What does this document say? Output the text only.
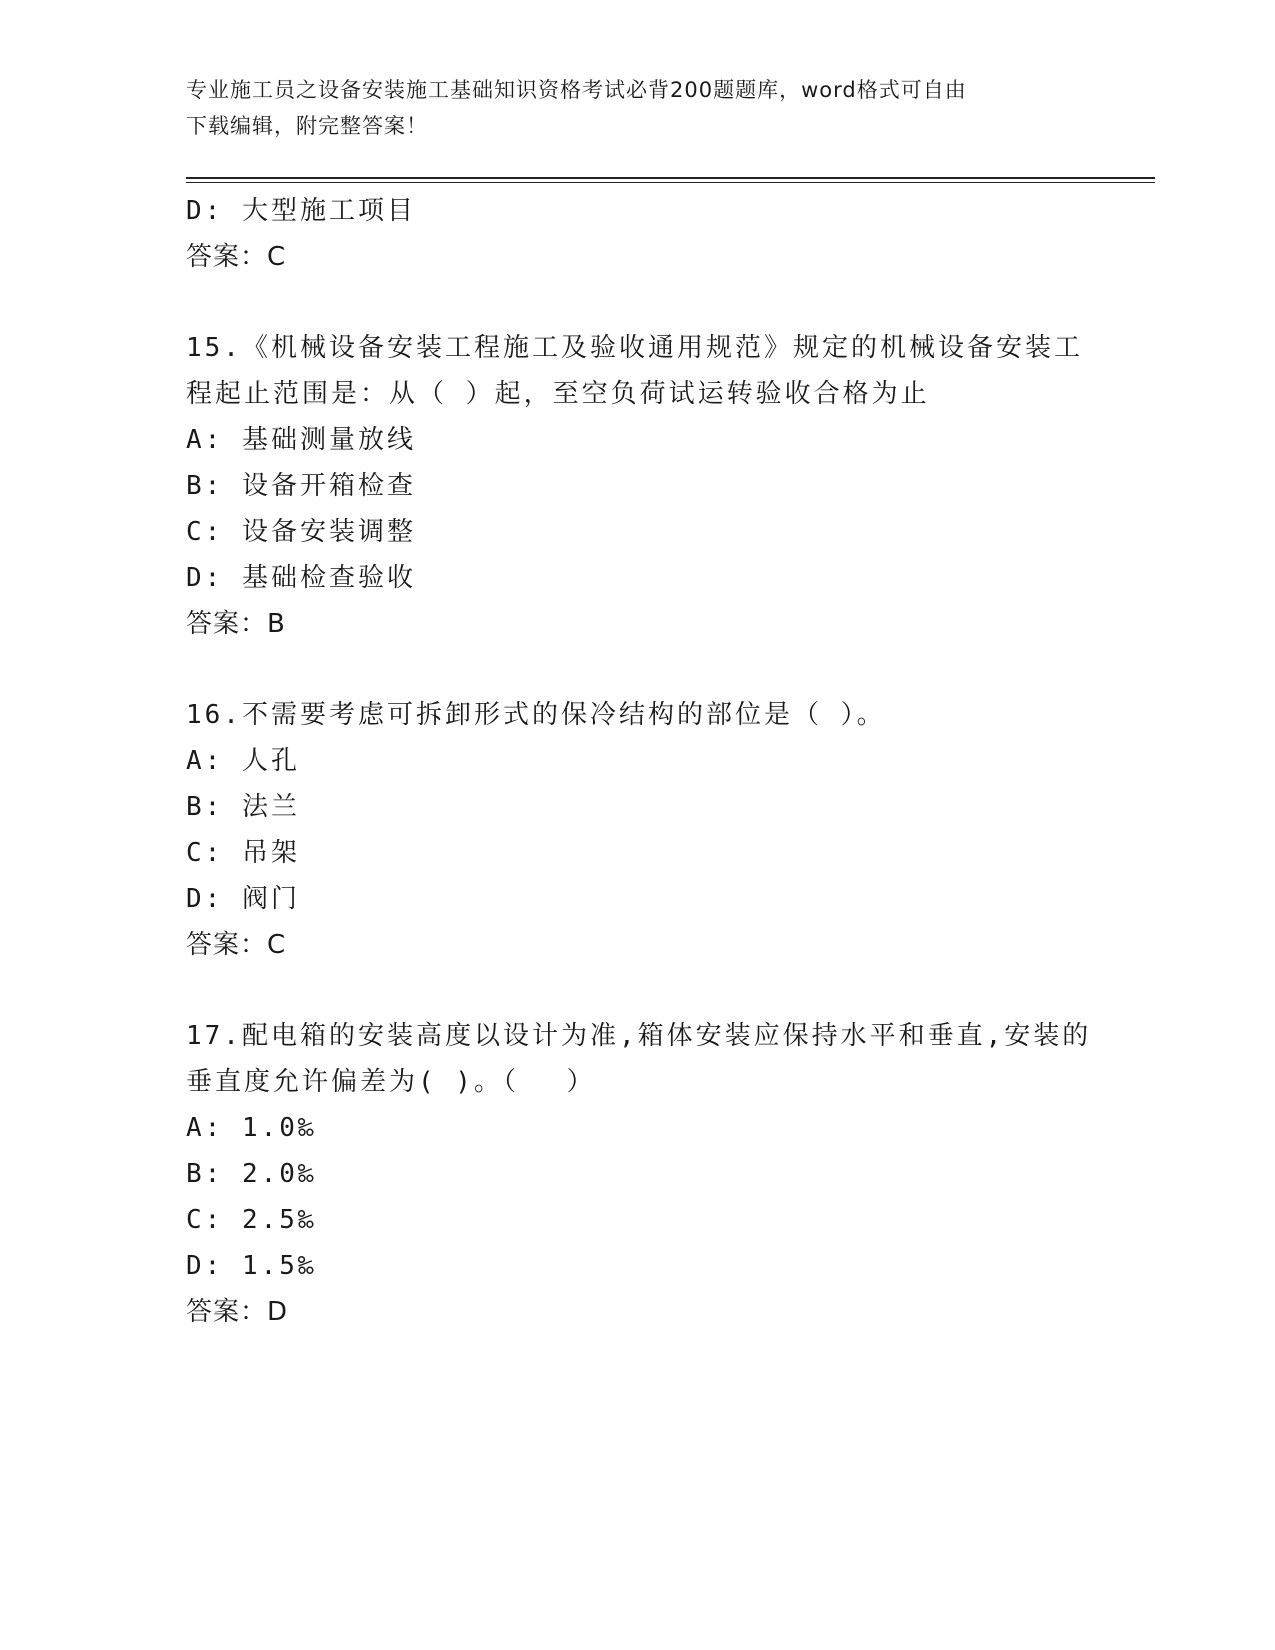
专业施工员之设备安装施工基础知识资格考试必背200题题库，word格式可自由
下载编辑，附完整答案！
D: 大型施工项目
答案：C
15.《机械设备安装工程施工及验收通用规范》规定的机械设备安装工
程起止范围是：从（ ）起，至空负荷试运转验收合格为止
A: 基础测量放线
B: 设备开箱检查
C: 设备安装调整
D: 基础检查验收
答案：B
16.不需要考虑可拆卸形式的保冷结构的部位是（ ）。
A: 人孔
B: 法兰
C: 吊架
D: 阀门
答案：C
17.配电箱的安装高度以设计为准,箱体安装应保持水平和垂直,安装的
垂直度允许偏差为( )。（　 ）
A: 1.0‰
B: 2.0‰
C: 2.5‰
D: 1.5‰
答案：D
